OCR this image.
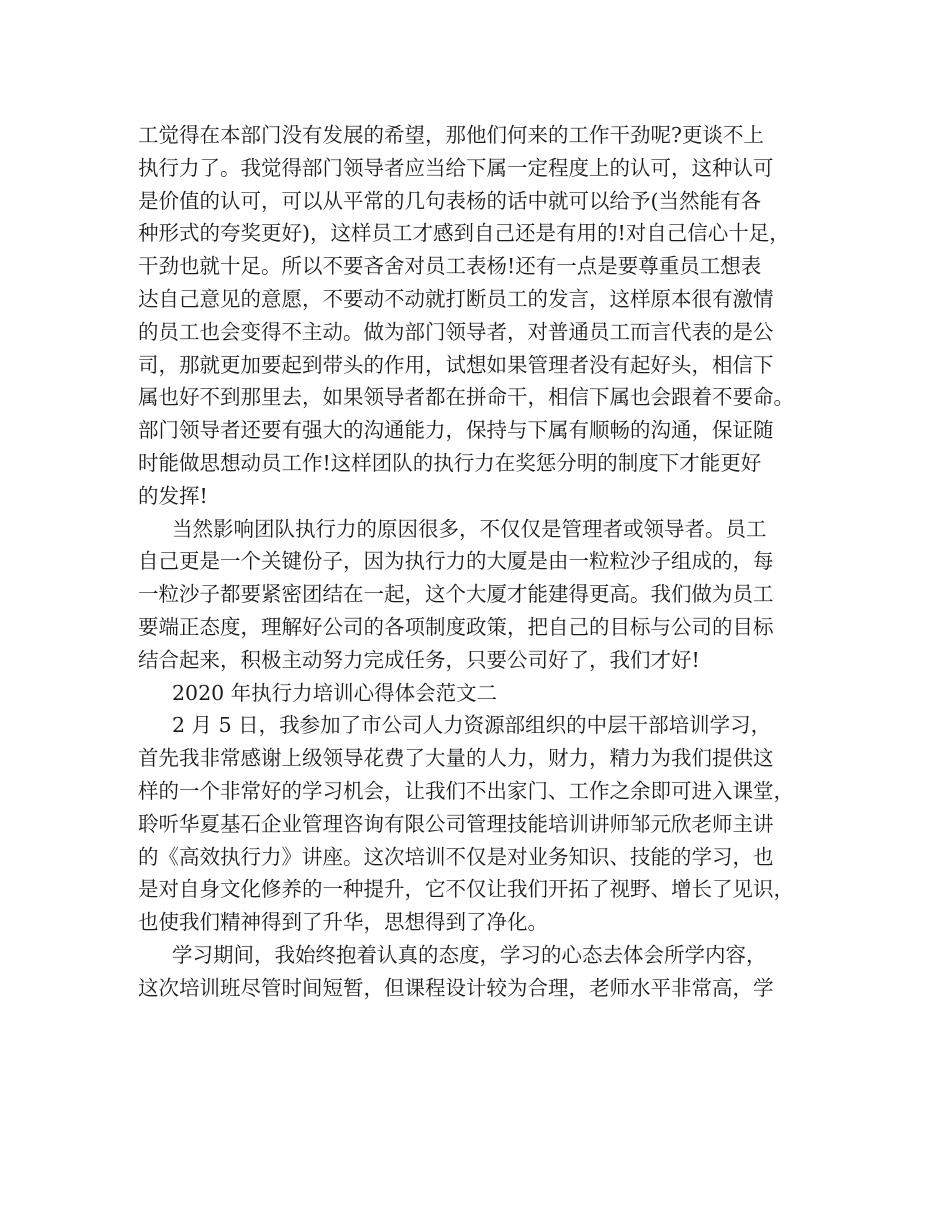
工觉得在本部门没有发展的希望，那他们何来的工作干劲呢?更谈不上
执行力了。我觉得部门领导者应当给下属一定程度上的认可，这种认可
是价值的认可，可以从平常的几句表杨的话中就可以给予(当然能有各
种形式的夸奖更好)，这样员工才感到自己还是有用的!对自己信心十足，
干劲也就十足。所以不要吝舍对员工表杨!还有一点是要尊重员工想表
达自己意见的意愿，不要动不动就打断员工的发言，这样原本很有激情
的员工也会变得不主动。做为部门领导者，对普通员工而言代表的是公
司，那就更加要起到带头的作用，试想如果管理者没有起好头，相信下
属也好不到那里去，如果领导者都在拼命干，相信下属也会跟着不要命。
部门领导者还要有强大的沟通能力，保持与下属有顺畅的沟通，保证随
时能做思想动员工作!这样团队的执行力在奖惩分明的制度下才能更好
的发挥!
当然影响团队执行力的原因很多，不仅仅是管理者或领导者。员工
自己更是一个关键份子，因为执行力的大厦是由一粒粒沙子组成的，每
一粒沙子都要紧密团结在一起，这个大厦才能建得更高。我们做为员工
要端正态度，理解好公司的各项制度政策，把自己的目标与公司的目标
结合起来，积极主动努力完成任务，只要公司好了，我们才好!
2020 年执行力培训心得体会范文二
2 月 5 日，我参加了市公司人力资源部组织的中层干部培训学习，
首先我非常感谢上级领导花费了大量的人力，财力，精力为我们提供这
样的一个非常好的学习机会，让我们不出家门、工作之余即可进入课堂，
聆听华夏基石企业管理咨询有限公司管理技能培训讲师邹元欣老师主讲
的《高效执行力》讲座。这次培训不仅是对业务知识、技能的学习，也
是对自身文化修养的一种提升，它不仅让我们开拓了视野、增长了见识，
也使我们精神得到了升华，思想得到了净化。
学习期间，我始终抱着认真的态度，学习的心态去体会所学内容，
这次培训班尽管时间短暂，但课程设计较为合理，老师水平非常高，学
